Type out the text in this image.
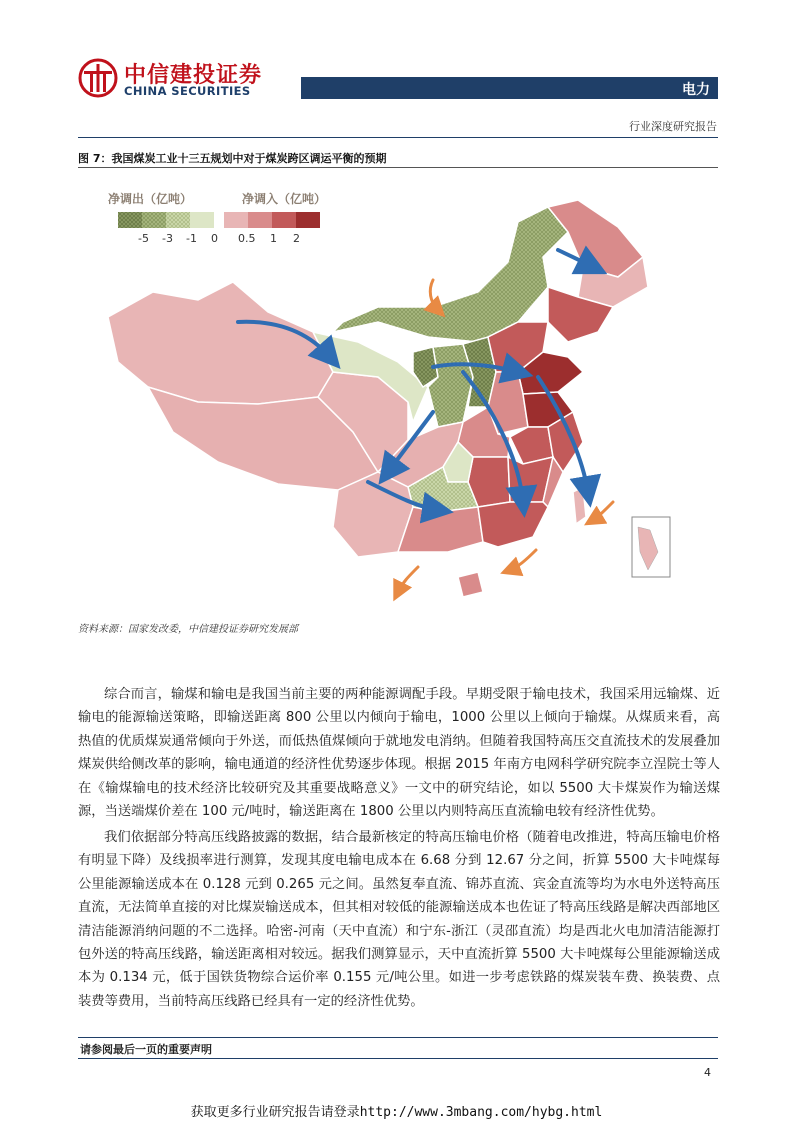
中信建投证券
CHINA SECURITIES	电力
行业深度研究报告
图 7：我国煤炭工业十三五规划中对于煤炭跨区调运平衡的预期
净调出（亿吨）	净调入（亿吨）
-5 -3 -1 0 0.5 1 2
资料来源：国家发改委，中信建投证券研究发展部
综合而言，输煤和输电是我国当前主要的两种能源调配手段。早期受限于输电技术，我国采用远输煤、近输电的能源输送策略，即输送距离 800 公里以内倾向于输电，1000 公里以上倾向于输煤。从煤质来看，高热值的优质煤炭通常倾向于外送，而低热值煤倾向于就地发电消纳。但随着我国特高压交直流技术的发展叠加煤炭供给侧改革的影响，输电通道的经济性优势逐步体现。根据 2015 年南方电网科学研究院李立浧院士等人在《输煤输电的技术经济比较研究及其重要战略意义》一文中的研究结论，如以 5500 大卡煤炭作为输送煤源，当送端煤价差在 100 元/吨时，输送距离在 1800 公里以内则特高压直流输电较有经济性优势。
我们依据部分特高压线路披露的数据，结合最新核定的特高压输电价格（随着电改推进，特高压输电价格有明显下降）及线损率进行测算，发现其度电输电成本在 6.68 分到 12.67 分之间，折算 5500 大卡吨煤每公里能源输送成本在 0.128 元到 0.265 元之间。虽然复奉直流、锦苏直流、宾金直流等均为水电外送特高压直流，无法简单直接的对比煤炭输送成本，但其相对较低的能源输送成本也佐证了特高压线路是解决西部地区清洁能源消纳问题的不二选择。哈密-河南（天中直流）和宁东-浙江（灵邵直流）均是西北火电加清洁能源打包外送的特高压线路，输送距离相对较远。据我们测算显示，天中直流折算 5500 大卡吨煤每公里能源输送成本为 0.134 元，低于国铁货物综合运价率 0.155 元/吨公里。如进一步考虑铁路的煤炭装车费、换装费、点装费等费用，当前特高压线路已经具有一定的经济性优势。
请参阅最后一页的重要声明
4
获取更多行业研究报告请登录http://www.3mbang.com/hybg.html
